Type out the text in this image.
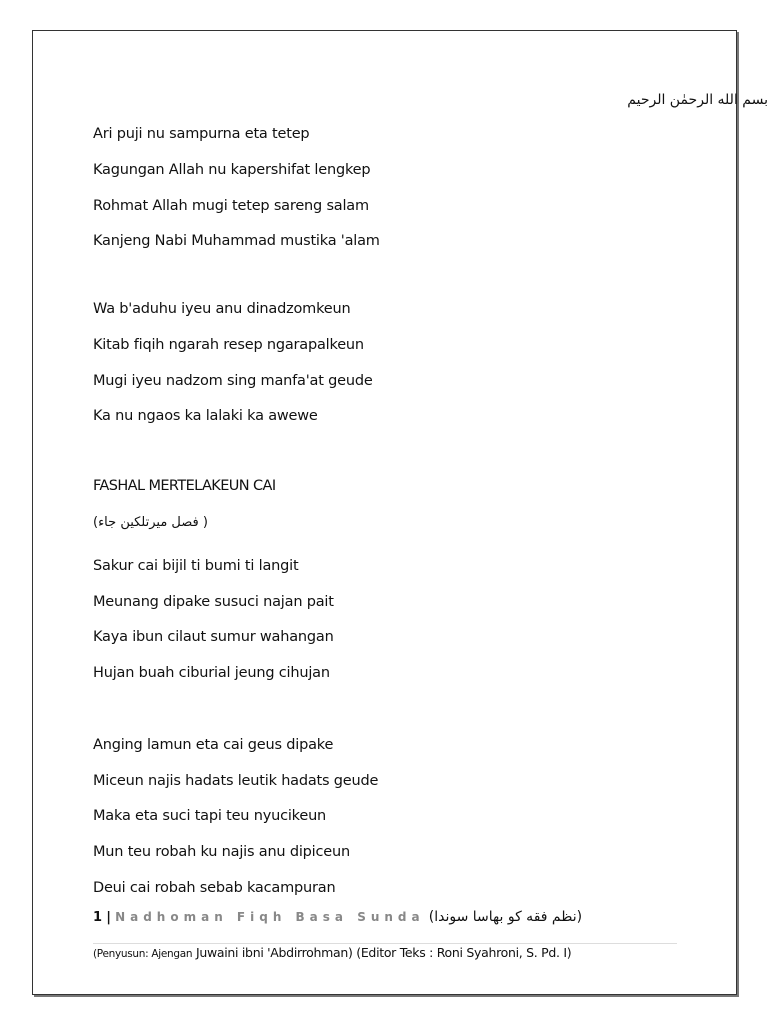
بسم الله الرحمٰن الرحيم
Ari puji nu sampurna eta tetep
Kagungan Allah nu kapershifat lengkep
Rohmat Allah mugi tetep sareng salam
Kanjeng Nabi Muhammad mustika 'alam
Wa b'aduhu iyeu anu dinadzomkeun
Kitab fiqih ngarah resep ngarapalkeun
Mugi iyeu nadzom sing manfa'at geude
Ka nu ngaos ka lalaki ka awewe
FASHAL MERTELAKEUN CAI
( فصل ميرتلكين جاء)
Sakur cai bijil ti bumi ti langit
Meunang dipake susuci najan pait
Kaya ibun cilaut sumur wahangan
Hujan buah ciburial jeung cihujan
Anging lamun eta cai geus dipake
Miceun najis hadats leutik hadats geude
Maka eta suci tapi teu nyucikeun
Mun teu robah ku najis anu dipiceun
Deui cai robah sebab kacampuran
1 | Nadhoman Fiqh Basa Sunda (نظم فقه كو بهاسا سوندا)
(Penyusun: Ajengan Juwaini ibni 'Abdirrohman) (Editor Teks : Roni Syahroni, S. Pd. I)
